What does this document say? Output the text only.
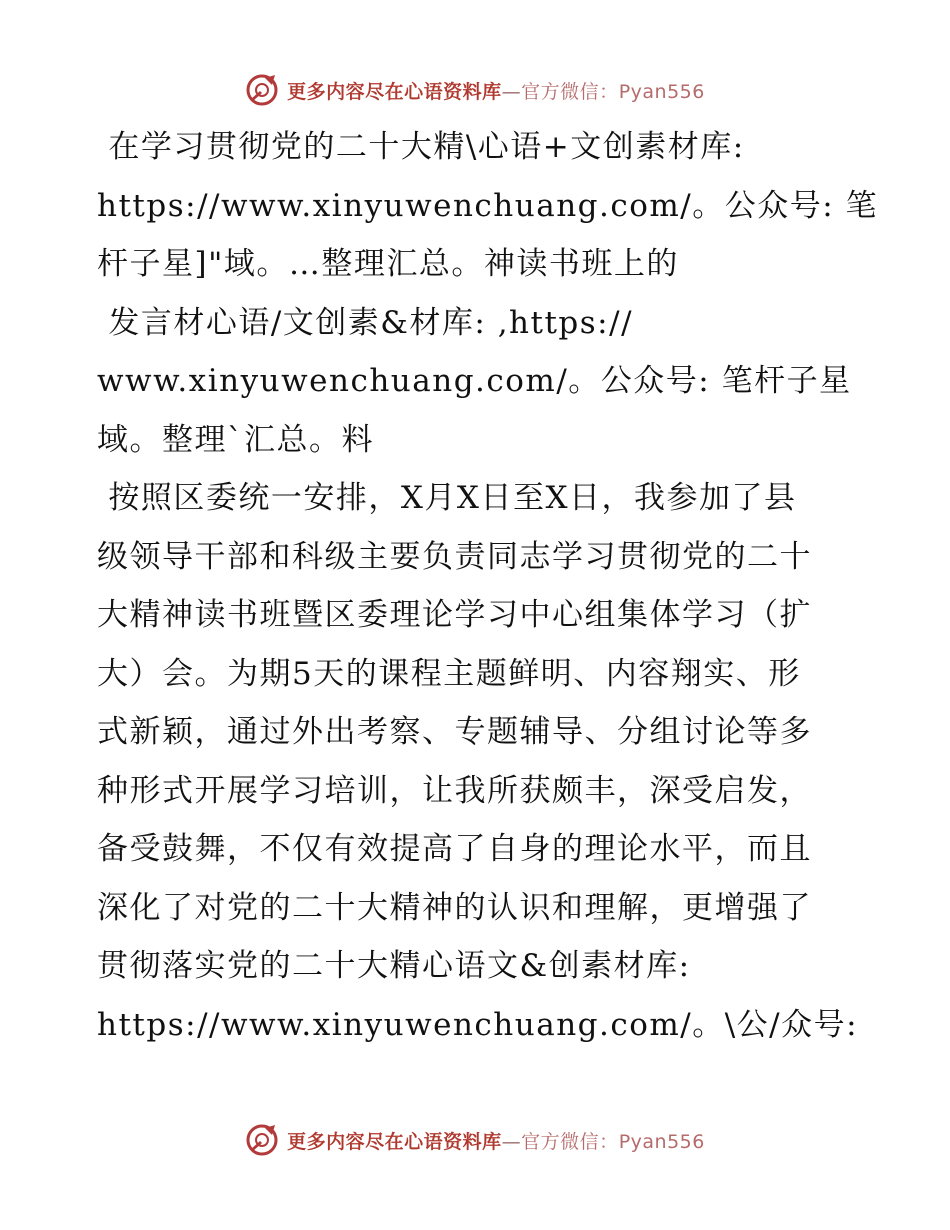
更多内容尽在心语资料库—官方微信：Pyan556

在学习贯彻党的二十大精\心语+文创素材库:
https://www.xinyuwenchuang.com/。公众号: 笔
杆子星]"域。…整理汇总。神读书班上的

发言材心语/文创素&材库: ,https://
www.xinyuwenchuang.com/。公众号: 笔杆子星
域。整理`汇总。料

按照区委统一安排，X月X日至X日，我参加了县
级领导干部和科级主要负责同志学习贯彻党的二十
大精神读书班暨区委理论学习中心组集体学习（扩
大）会。为期5天的课程主题鲜明、内容翔实、形
式新颖，通过外出考察、专题辅导、分组讨论等多
种形式开展学习培训，让我所获颇丰，深受启发，
备受鼓舞，不仅有效提高了自身的理论水平，而且
深化了对党的二十大精神的认识和理解，更增强了
贯彻落实党的二十大精心语文&创素材库:
https://www.xinyuwenchuang.com/。\公/众号:

更多内容尽在心语资料库—官方微信：Pyan556
